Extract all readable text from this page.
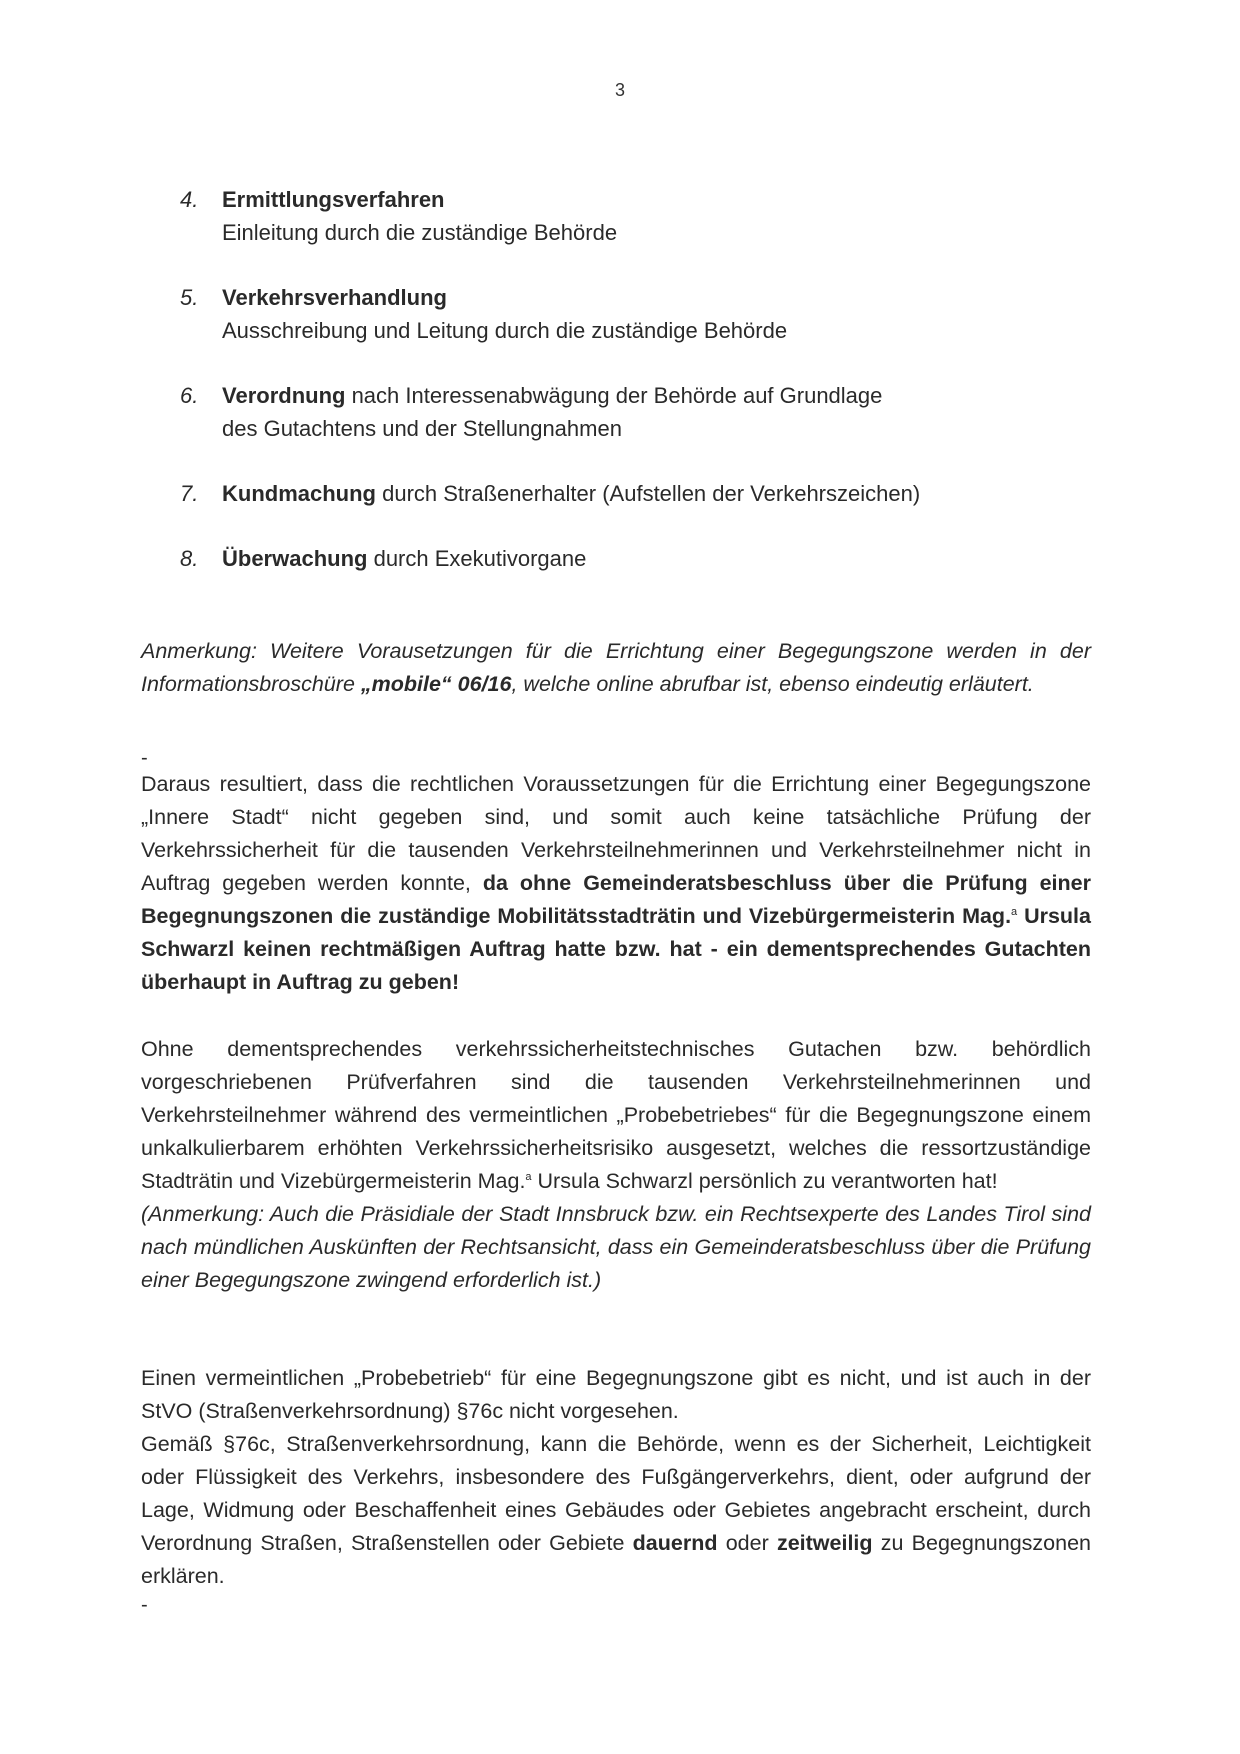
3
4.	Ermittlungsverfahren
Einleitung durch die zuständige Behörde
5.	Verkehrsverhandlung
Ausschreibung und Leitung durch die zuständige Behörde
6.	Verordnung nach Interessenabwägung der Behörde auf Grundlage
des Gutachtens und der Stellungnahmen
7.	Kundmachung durch Straßenerhalter (Aufstellen der Verkehrszeichen)
8.	Überwachung durch Exekutivorgane
Anmerkung: Weitere Vorausetzungen für die Errichtung einer Begegungszone werden in der Informationsbroschüre „mobile“ 06/16, welche online abrufbar ist, ebenso eindeutig erläutert.
-
Daraus resultiert, dass die rechtlichen Voraussetzungen für die Errichtung einer Begegungszone „Innere Stadt“ nicht gegeben sind, und somit auch keine tatsächliche Prüfung der Verkehrssicherheit für die tausenden Verkehrsteilnehmerinnen und Verkehrsteilnehmer nicht in Auftrag gegeben werden konnte, da ohne Gemeinderatsbeschluss über die Prüfung einer Begegnungszonen die zuständige Mobilitätsstadträtin und Vizebürgermeisterin Mag.$^a$ Ursula Schwarzl keinen rechtmäßigen Auftrag hatte bzw. hat - ein dementsprechendes Gutachten überhaupt in Auftrag zu geben!
Ohne dementsprechendes verkehrssicherheitstechnisches Gutachen bzw. behördlich vorgeschriebenen Prüfverfahren sind die tausenden Verkehrsteilnehmerinnen und Verkehrsteilnehmer während des vermeintlichen „Probebetriebes“ für die Begegnungszone einem unkalkulierbarem erhöhten Verkehrssicherheitsrisiko ausgesetzt, welches die ressortzuständige Stadträtin und Vizebürgermeisterin Mag.$^a$ Ursula Schwarzl persönlich zu verantworten hat!
(Anmerkung: Auch die Präsidiale der Stadt Innsbruck bzw. ein Rechtsexperte des Landes Tirol sind nach mündlichen Auskünften der Rechtsansicht, dass ein Gemeinderatsbeschluss über die Prüfung einer Begegungszone zwingend erforderlich ist.)
Einen vermeintlichen „Probebetrieb“ für eine Begegnungszone gibt es nicht, und ist auch in der StVO (Straßenverkehrsordnung) §76c nicht vorgesehen.
Gemäß §76c, Straßenverkehrsordnung, kann die Behörde, wenn es der Sicherheit, Leichtigkeit oder Flüssigkeit des Verkehrs, insbesondere des Fußgängerverkehrs, dient, oder aufgrund der Lage, Widmung oder Beschaffenheit eines Gebäudes oder Gebietes angebracht erscheint, durch Verordnung Straßen, Straßenstellen oder Gebiete dauernd oder zeitweilig zu Begegnungszonen erklären.
-
